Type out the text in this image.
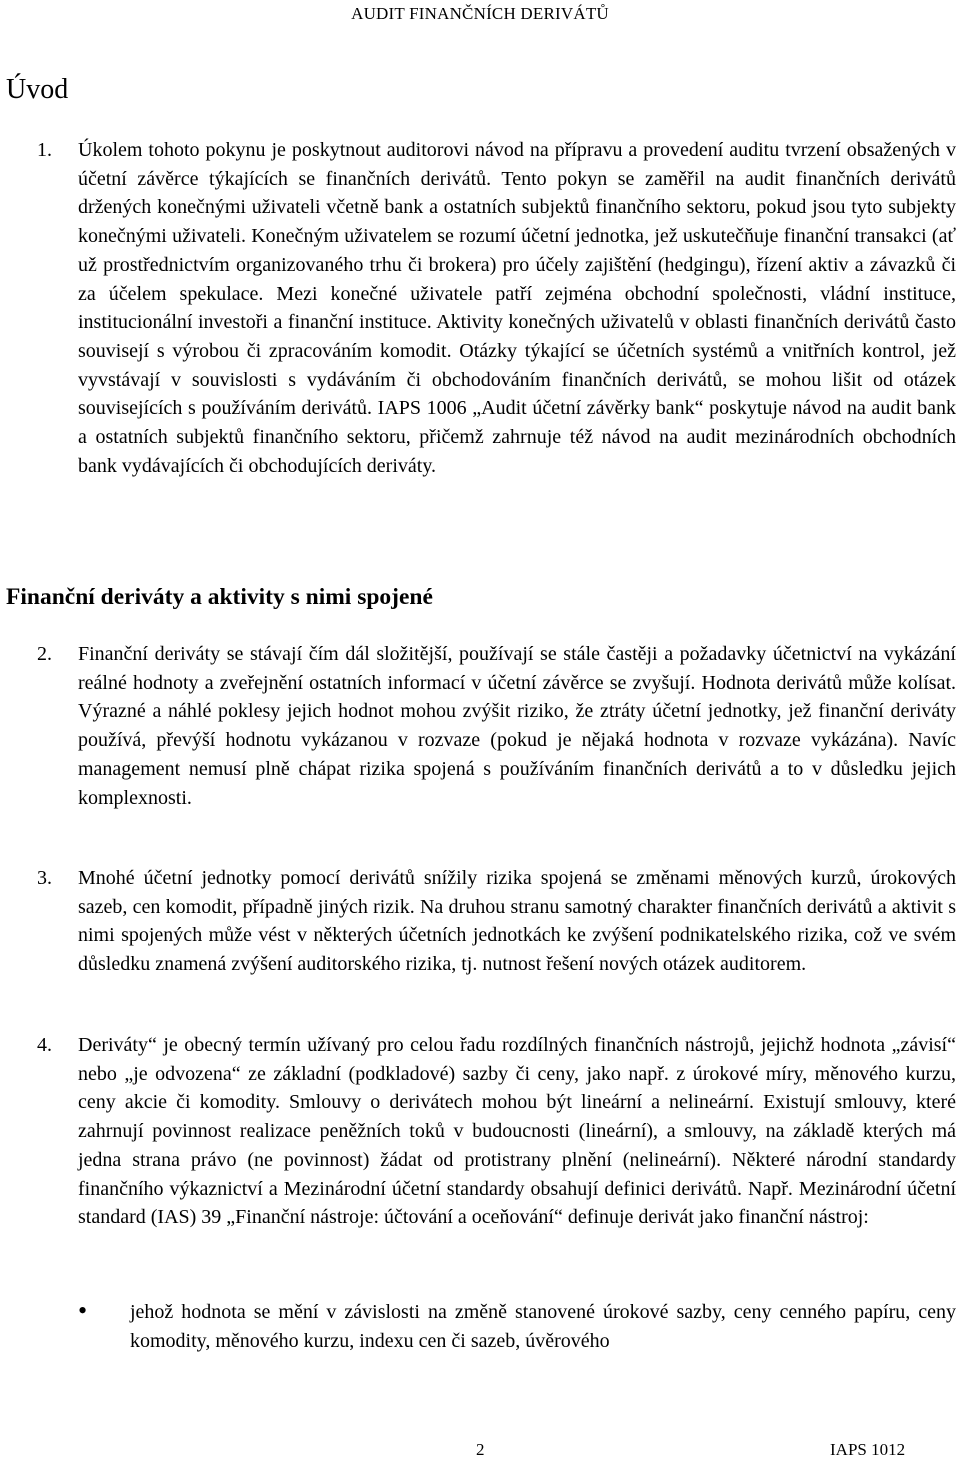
AUDIT FINANČNÍCH DERIVÁTŮ
Úvod
1. Úkolem tohoto pokynu je poskytnout auditorovi návod na přípravu a provedení auditu tvrzení obsažených v účetní závěrce týkajících se finančních derivátů. Tento pokyn se zaměřil na audit finančních derivátů držených konečnými uživateli včetně bank a ostatních subjektů finančního sektoru, pokud jsou tyto subjekty konečnými uživateli. Konečným uživatelem se rozumí účetní jednotka, jež uskutečňuje finanční transakci (ať už prostřednictvím organizovaného trhu či brokera) pro účely zajištění (hedgingu), řízení aktiv a závazků či za účelem spekulace. Mezi konečné uživatele patří zejména obchodní společnosti, vládní instituce, institucionální investoři a finanční instituce. Aktivity konečných uživatelů v oblasti finančních derivátů často souvisejí s výrobou či zpracováním komodit. Otázky týkající se účetních systémů a vnitřních kontrol, jež vyvstávají v souvislosti s vydáváním či obchodováním finančních derivátů, se mohou lišit od otázek souvisejících s používáním derivátů. IAPS 1006 „Audit účetní závěrky bank“ poskytuje návod na audit bank a ostatních subjektů finančního sektoru, přičemž zahrnuje též návod na audit mezinárodních obchodních bank vydávajících či obchodujících deriváty.

Finanční deriváty a aktivity s nimi spojené
2. Finanční deriváty se stávají čím dál složitější, používají se stále častěji a požadavky účetnictví na vykázání reálné hodnoty a zveřejnění ostatních informací v účetní závěrce se zvyšují. Hodnota derivátů může kolísat. Výrazné a náhlé poklesy jejich hodnot mohou zvýšit riziko, že ztráty účetní jednotky, jež finanční deriváty používá, převýší hodnotu vykázanou v rozvaze (pokud je nějaká hodnota v rozvaze vykázána). Navíc management nemusí plně chápat rizika spojená s používáním finančních derivátů a to v důsledku jejich komplexnosti.

3. Mnohé účetní jednotky pomocí derivátů snížily rizika spojená se změnami měnových kurzů, úrokových sazeb, cen komodit, případně jiných rizik. Na druhou stranu samotný charakter finančních derivátů a aktivit s nimi spojených může vést v některých účetních jednotkách ke zvýšení podnikatelského rizika, což ve svém důsledku znamená zvýšení auditorského rizika, tj. nutnost řešení nových otázek auditorem.

4. Deriváty“ je obecný termín užívaný pro celou řadu rozdílných finančních nástrojů, jejichž hodnota „závisí“ nebo „je odvozena“ ze základní (podkladové) sazby či ceny, jako např. z úrokové míry, měnového kurzu, ceny akcie či komodity. Smlouvy o derivátech mohou být lineární a nelineární. Existují smlouvy, které zahrnují povinnost realizace peněžních toků v budoucnosti (lineární), a smlouvy, na základě kterých má jedna strana právo (ne povinnost) žádat od protistrany plnění (nelineární). Některé národní standardy finančního výkaznictví a Mezinárodní účetní standardy obsahují definici derivátů. Např. Mezinárodní účetní standard (IAS) 39 „Finanční nástroje: účtování a oceňování“ definuje derivát jako finanční nástroj:

• jehož hodnota se mění v závislosti na změně stanovené úrokové sazby, ceny cenného papíru, ceny komodity, měnového kurzu, indexu cen či sazeb, úvěrového

2	IAPS 1012
